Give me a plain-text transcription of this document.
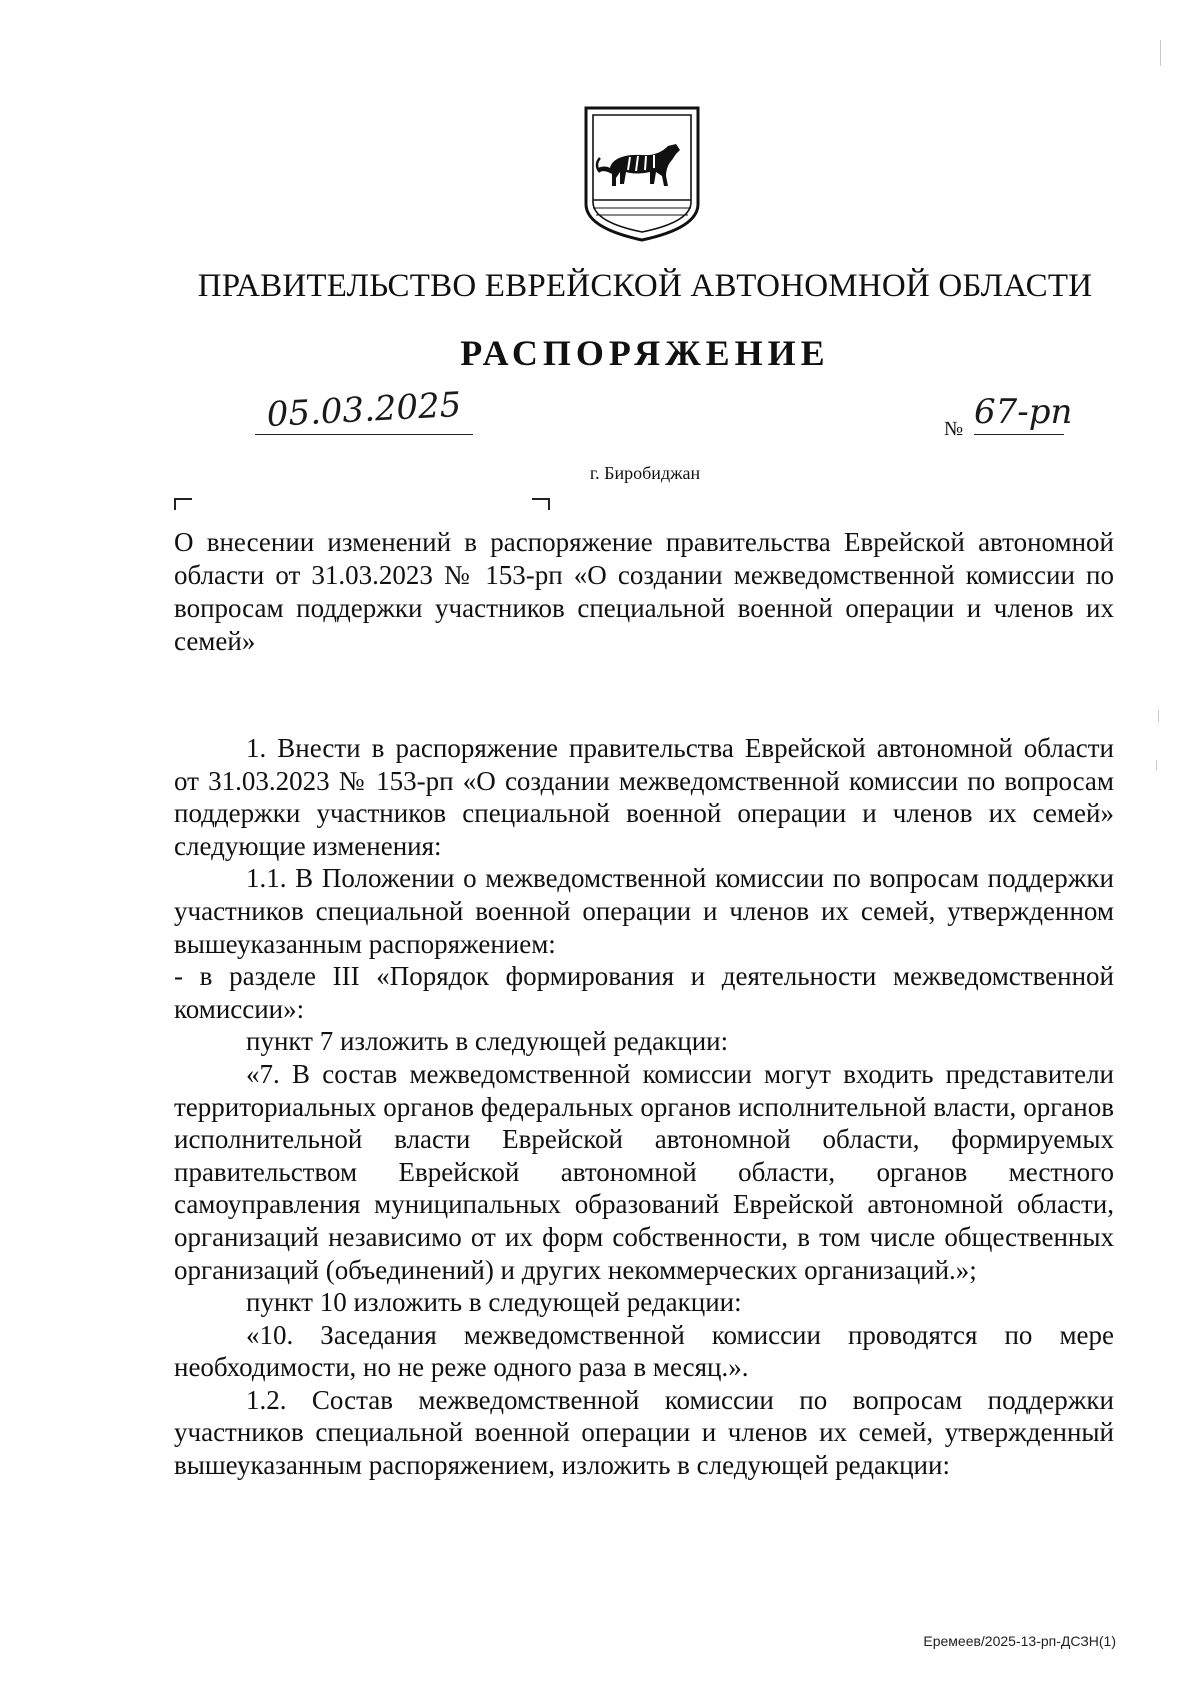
ПРАВИТЕЛЬСТВО ЕВРЕЙСКОЙ АВТОНОМНОЙ ОБЛАСТИ
РАСПОРЯЖЕНИЕ
05.03.2025	№ 67-рп
г. Биробиджан
О внесении изменений в распоряжение правительства Еврейской автономной области от 31.03.2023 № 153-рп «О создании межведомственной комиссии по вопросам поддержки участников специальной военной операции и членов их семей»

1. Внести в распоряжение правительства Еврейской автономной области от 31.03.2023 № 153-рп «О создании межведомственной комиссии по вопросам поддержки участников специальной военной операции и членов их семей» следующие изменения:

1.1. В Положении о межведомственной комиссии по вопросам поддержки участников специальной военной операции и членов их семей, утвержденном вышеуказанным распоряжением:

- в разделе III «Порядок формирования и деятельности межведомственной комиссии»:

пункт 7 изложить в следующей редакции:

«7. В состав межведомственной комиссии могут входить представители территориальных органов федеральных органов исполнительной власти, органов исполнительной власти Еврейской автономной области, формируемых правительством Еврейской автономной области, органов местного самоуправления муниципальных образований Еврейской автономной области, организаций независимо от их форм собственности, в том числе общественных организаций (объединений) и других некоммерческих организаций.»;

пункт 10 изложить в следующей редакции:

«10. Заседания межведомственной комиссии проводятся по мере необходимости, но не реже одного раза в месяц.».

1.2. Состав межведомственной комиссии по вопросам поддержки участников специальной военной операции и членов их семей, утвержденный вышеуказанным распоряжением, изложить в следующей редакции:

Еремеев/2025-13-рп-ДСЗН(1)
